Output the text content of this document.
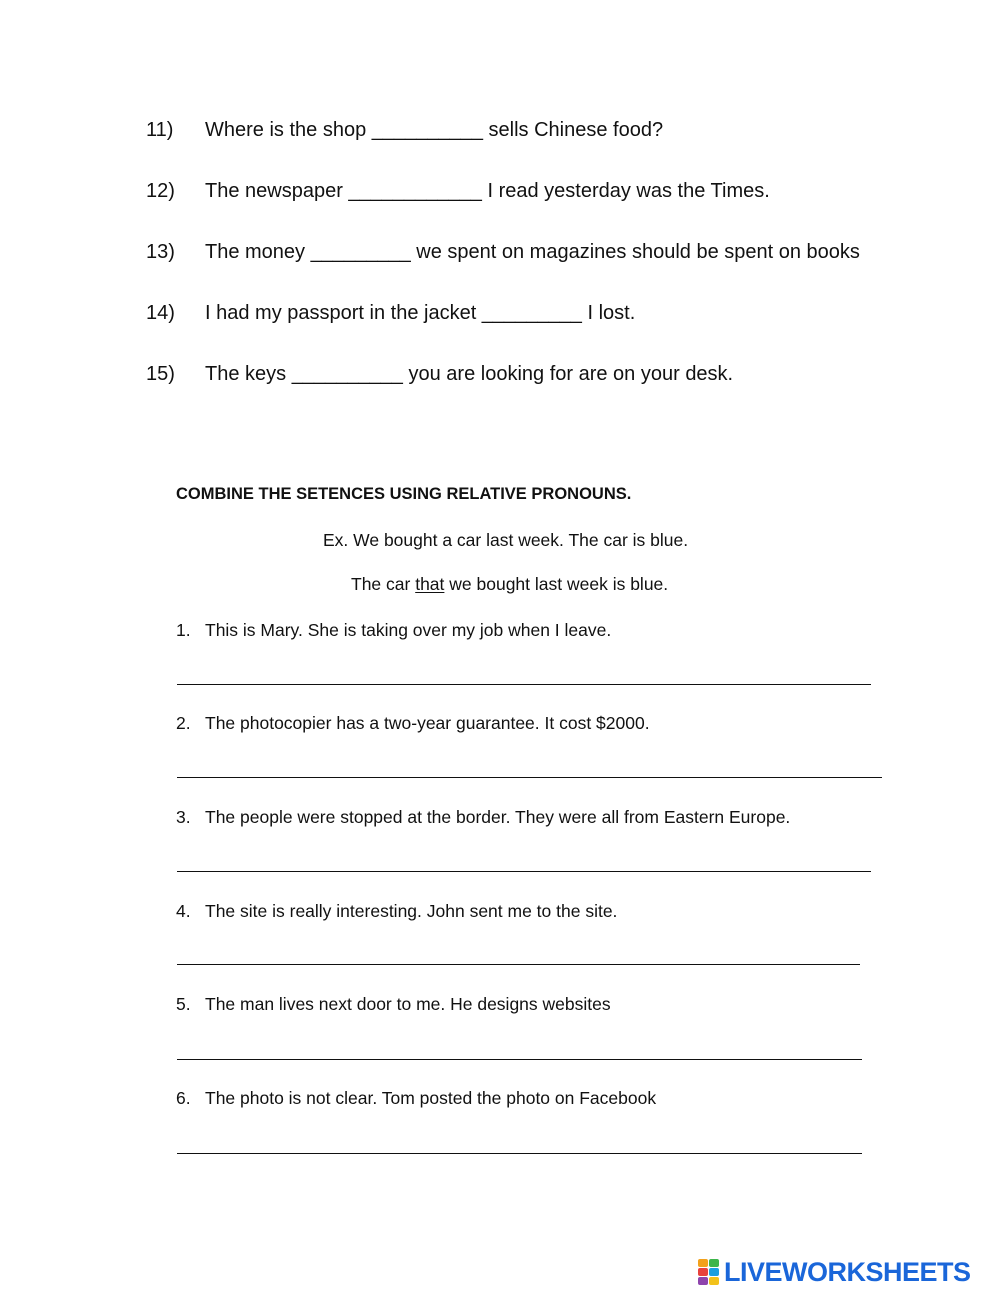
11) Where is the shop __________ sells Chinese food?
12) The newspaper ____________ I read yesterday was the Times.
13) The money _________ we spent on magazines should be spent on books
14) I had my passport in the jacket _________ I lost.
15) The keys __________ you are looking for are on your desk.
COMBINE THE SETENCES USING RELATIVE PRONOUNS.
Ex. We bought a car last week. The car is blue.
The car that we bought last week is blue.
1. This is Mary. She is taking over my job when I leave.
2. The photocopier has a two-year guarantee. It cost $2000.
3. The people were stopped at the border. They were all from Eastern Europe.
4. The site is really interesting. John sent me to the site.
5. The man lives next door to me. He designs websites
6. The photo is not clear. Tom posted the photo on Facebook
LIVEWORKSHEETS
